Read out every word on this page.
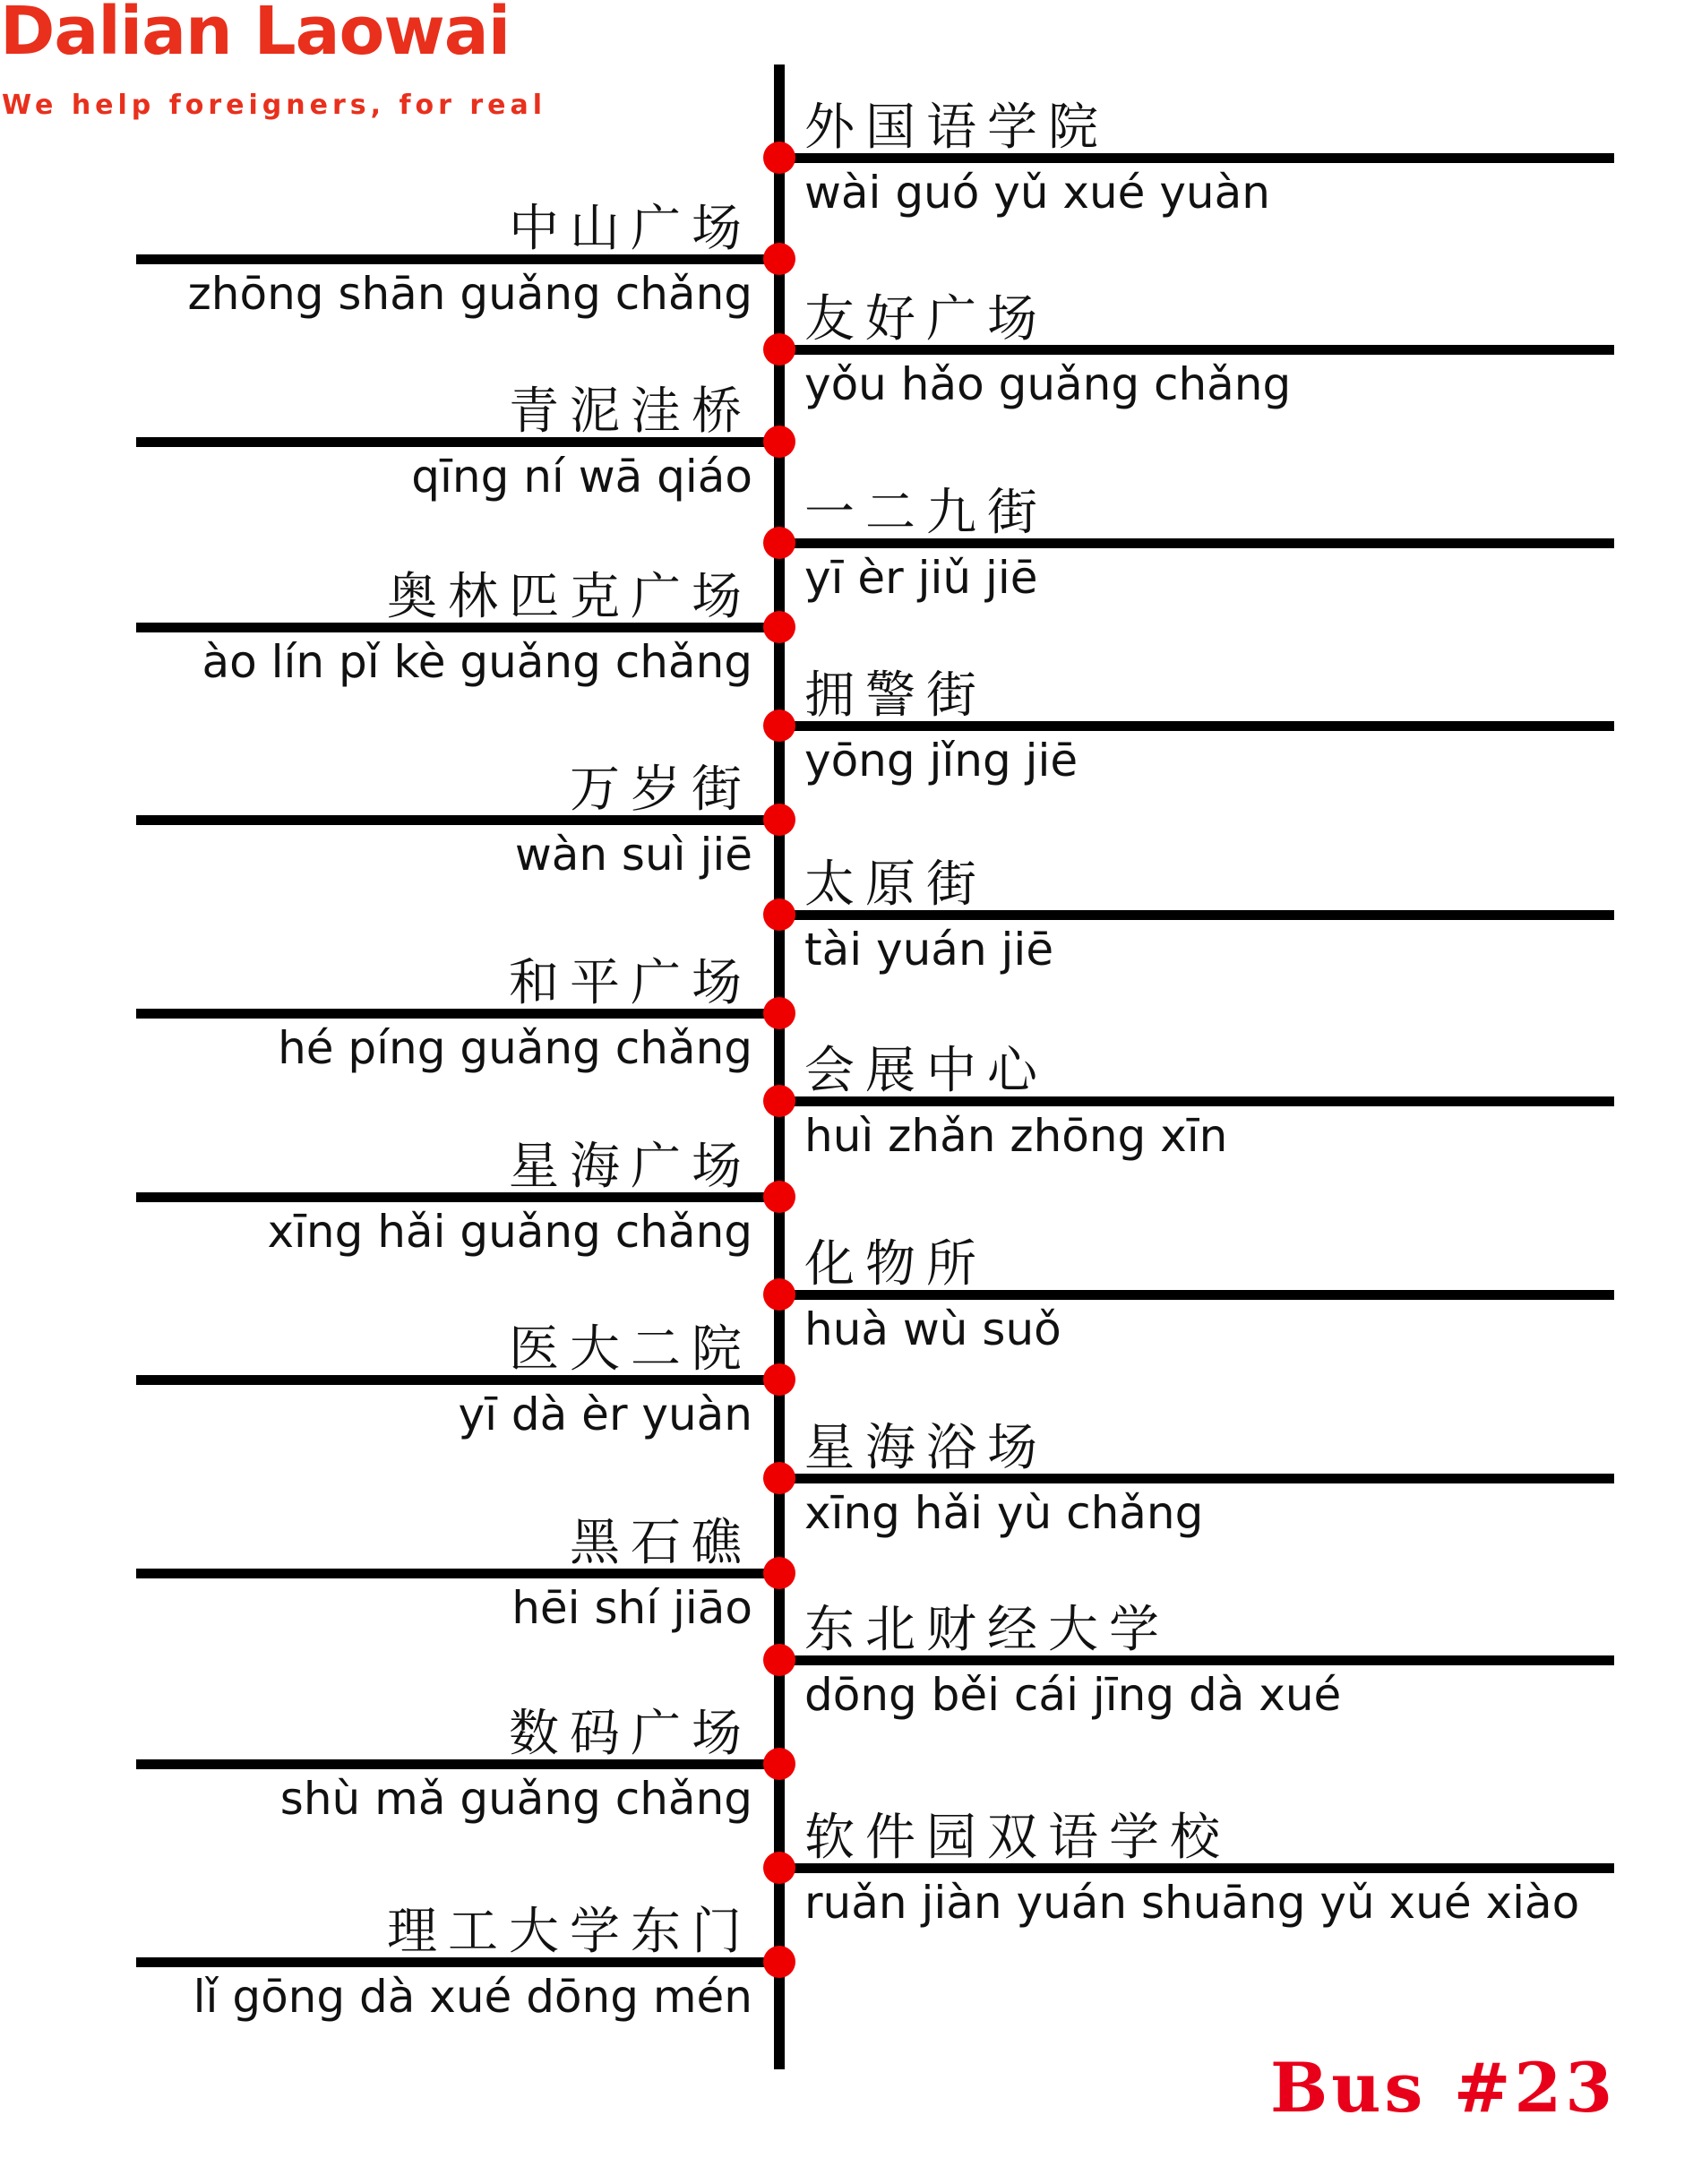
Dalian Laowai
We help foreigners, for real	外国语学院
wài guó yǔ xué yuàn
中山广场
zhōng shān guǎng chǎng 友好广场
yǒu hǎo guǎng chǎng
青泥洼桥
qīng ní wā qiáo
一二九街
yī èr jiǔ jiē
奥林匹克广场
ào lín pǐ kè guǎng chǎng
拥警街
yōng jǐng jiē
万岁街
wàn suì jiē
太原街
tài yuán jiē
和平广场
hé píng guǎng chǎng 会展中心
huì zhǎn zhōng xīn
星海广场
xīng hǎi guǎng chǎng
化物所
huà wù suǒ
医大二院
yī dà èr yuàn
星海浴场
xīng hǎi yù chǎng
黑石礁
hēi shí jiāo 东北财经大学
dōng běi cái jīng dà xué
数码广场
shù mǎ guǎng chǎng
软件园双语学校
ruǎn jiàn yuán shuāng yǔ xué xiào
理工大学东门
lǐ gōng dà xué dōng mén
Bus #23
